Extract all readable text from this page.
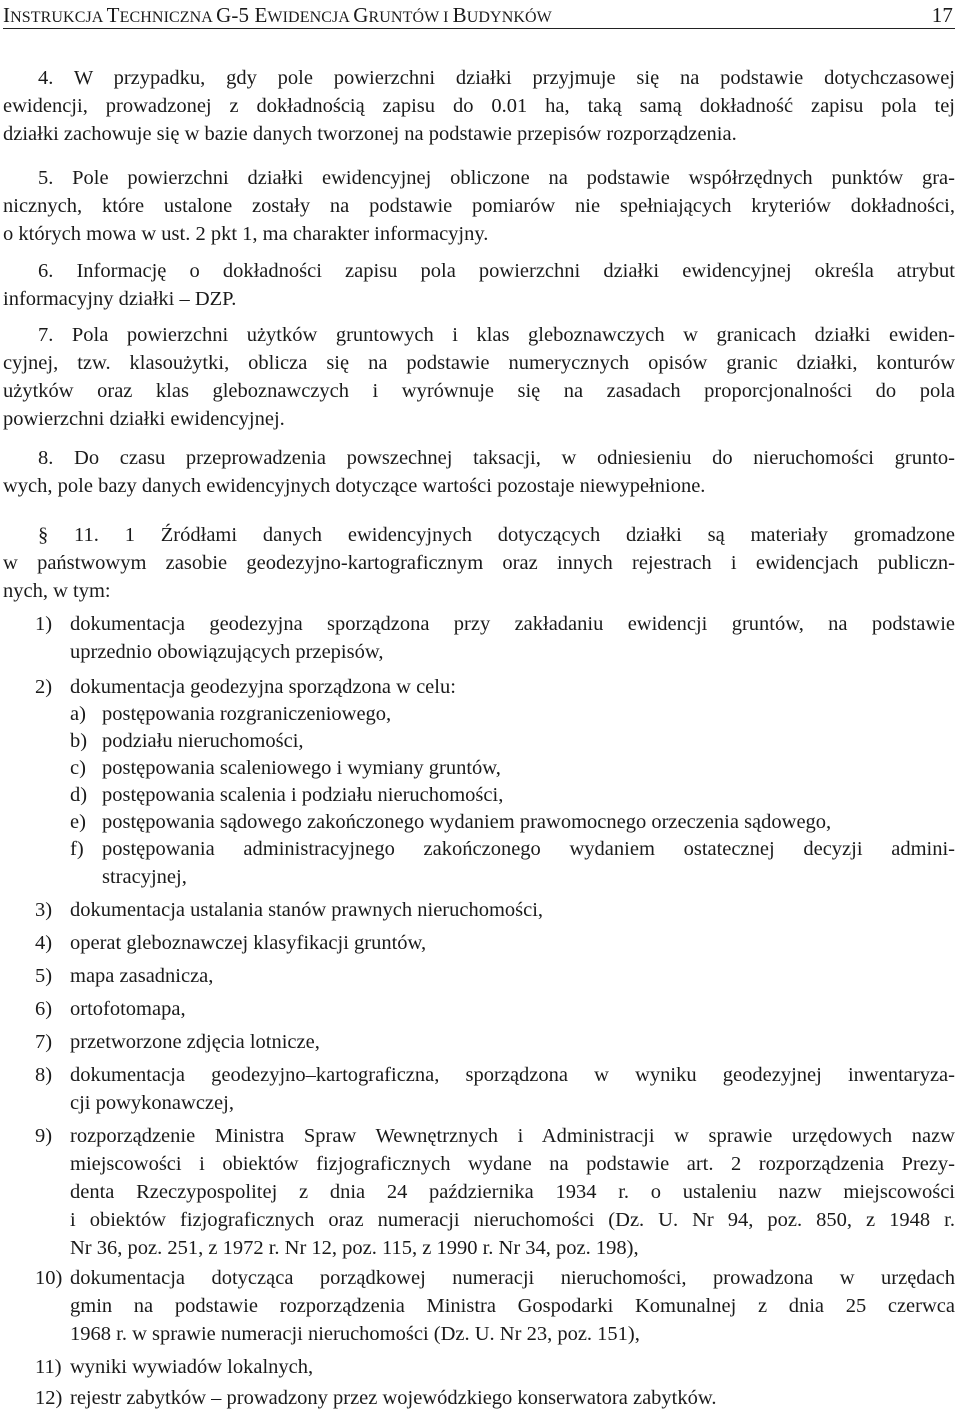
INSTRUKCJA TECHNICZNA G-5 EWIDENCJA GRUNTÓW I BUDYNKÓW	17
4. W przypadku, gdy pole powierzchni działki przyjmuje się na podstawie dotychczasowej
ewidencji, prowadzonej z dokładnością zapisu do 0.01 ha, taką samą dokładność zapisu pola tej
działki zachowuje się w bazie danych tworzonej na podstawie przepisów rozporządzenia.
5. Pole powierzchni działki ewidencyjnej obliczone na podstawie współrzędnych punktów gra-
nicznych, które ustalone zostały na podstawie pomiarów nie spełniających kryteriów dokładności,
o których mowa w ust. 2 pkt 1, ma charakter informacyjny.
6. Informację o dokładności zapisu pola powierzchni działki ewidencyjnej określa atrybut
informacyjny działki – DZP.
7. Pola powierzchni użytków gruntowych i klas gleboznawczych w granicach działki ewiden-
cyjnej, tzw. klasoużytki, oblicza się na podstawie numerycznych opisów granic działki, konturów
użytków oraz klas gleboznawczych i wyrównuje się na zasadach proporcjonalności do pola
powierzchni działki ewidencyjnej.
8. Do czasu przeprowadzenia powszechnej taksacji, w odniesieniu do nieruchomości grunto-
wych, pole bazy danych ewidencyjnych dotyczące wartości pozostaje niewypełnione.
§ 11. 1 Źródłami danych ewidencyjnych dotyczących działki są materiały gromadzone
w państwowym zasobie geodezyjno-kartograficznym oraz innych rejestrach i ewidencjach publiczn-
nych, w tym:
1) dokumentacja geodezyjna sporządzona przy zakładaniu ewidencji gruntów, na podstawie
uprzednio obowiązujących przepisów,
2) dokumentacja geodezyjna sporządzona w celu:
a) postępowania rozgraniczeniowego,
b) podziału nieruchomości,
c) postępowania scaleniowego i wymiany gruntów,
d) postępowania scalenia i podziału nieruchomości,
e) postępowania sądowego zakończonego wydaniem prawomocnego orzeczenia sądowego,
f) postępowania administracyjnego zakończonego wydaniem ostatecznej decyzji admini-
stracyjnej,
3) dokumentacja ustalania stanów prawnych nieruchomości,
4) operat gleboznawczej klasyfikacji gruntów,
5) mapa zasadnicza,
6) ortofotomapa,
7) przetworzone zdjęcia lotnicze,
8) dokumentacja geodezyjno–kartograficzna, sporządzona w wyniku geodezyjnej inwentaryza-
cji powykonawczej,
9) rozporządzenie Ministra Spraw Wewnętrznych i Administracji w sprawie urzędowych nazw
miejscowości i obiektów fizjograficznych wydane na podstawie art. 2 rozporządzenia Prezy-
denta Rzeczypospolitej z dnia 24 października 1934 r. o ustaleniu nazw miejscowości
i obiektów fizjograficznych oraz numeracji nieruchomości (Dz. U. Nr 94, poz. 850, z 1948 r.
Nr 36, poz. 251, z 1972 r. Nr 12, poz. 115, z 1990 r. Nr 34, poz. 198),
10) dokumentacja dotycząca porządkowej numeracji nieruchomości, prowadzona w urzędach
gmin na podstawie rozporządzenia Ministra Gospodarki Komunalnej z dnia 25 czerwca
1968 r. w sprawie numeracji nieruchomości (Dz. U. Nr 23, poz. 151),
11) wyniki wywiadów lokalnych,
12) rejestr zabytków – prowadzony przez wojewódzkiego konserwatora zabytków.
